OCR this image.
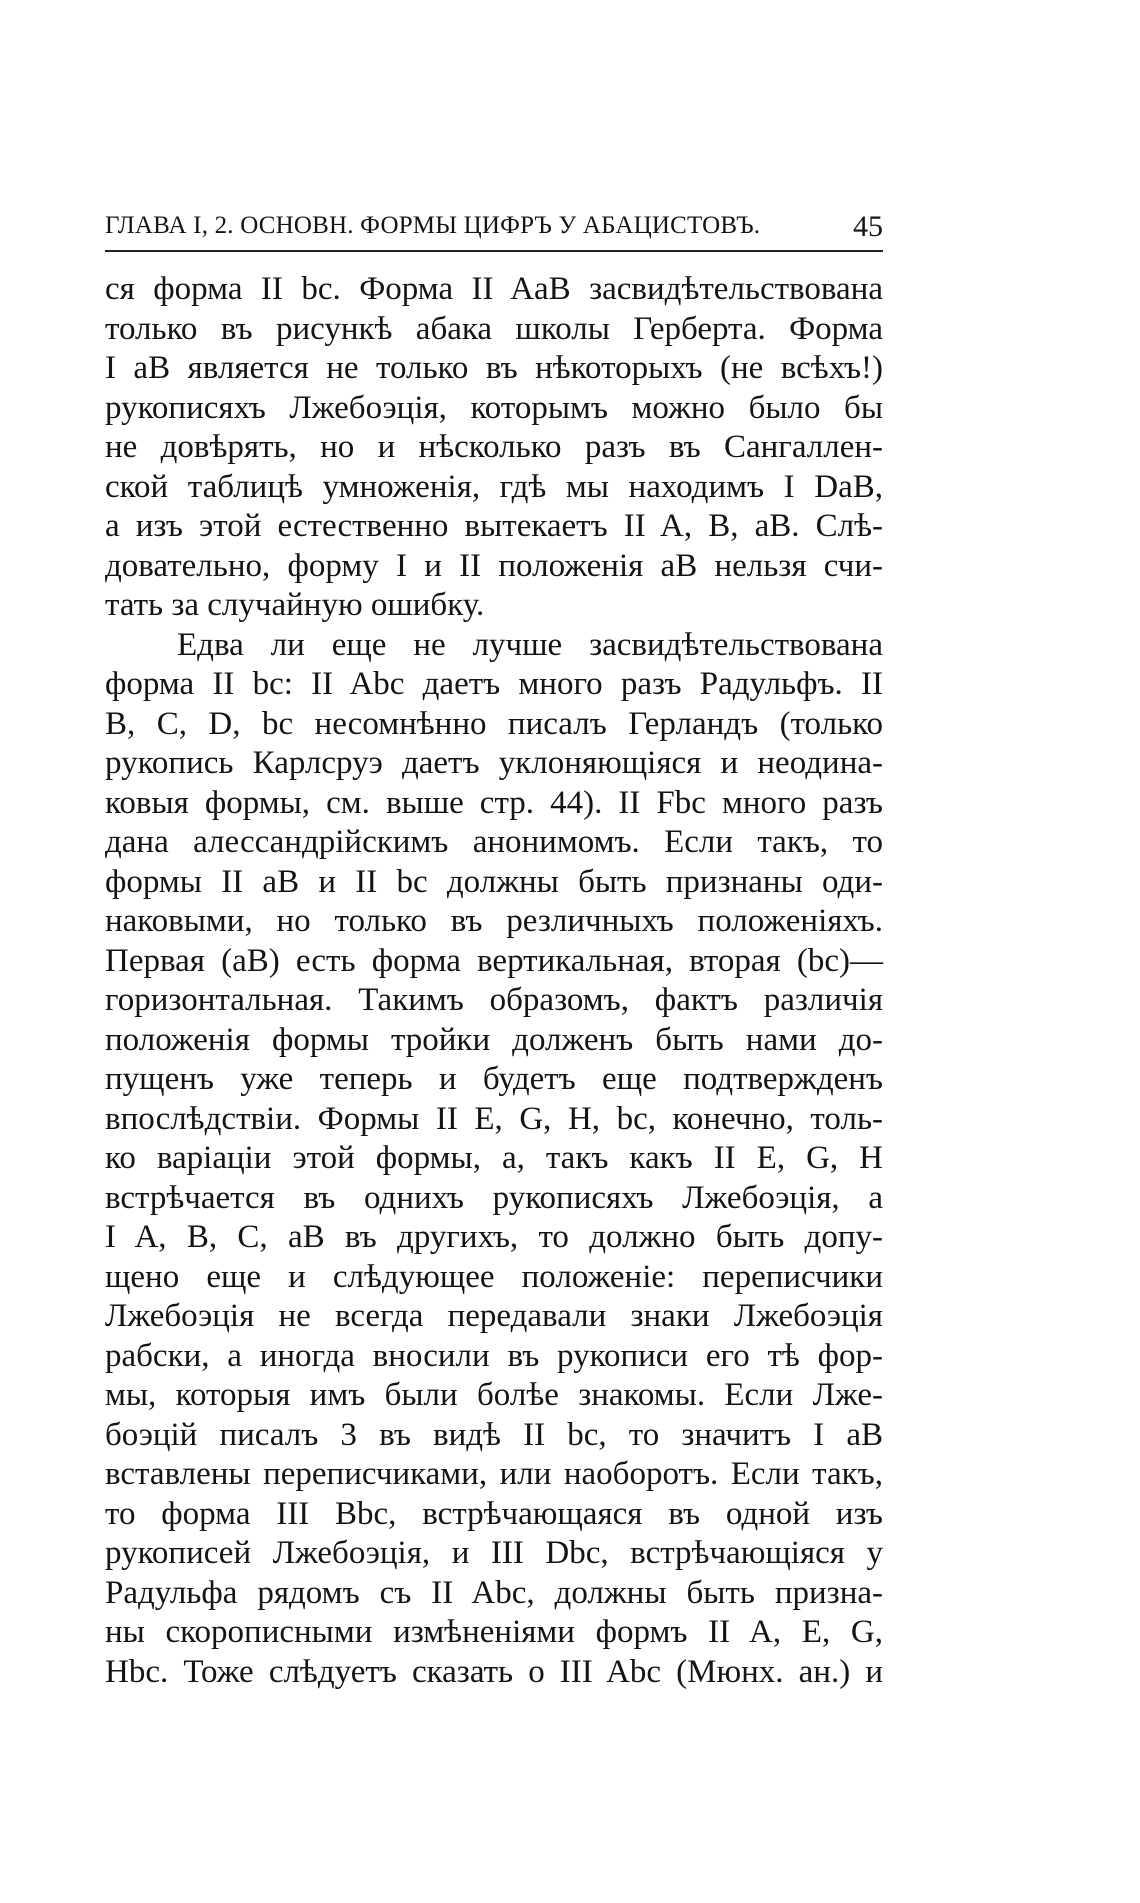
ГЛАВА I, 2. ОСНОВН. ФОРМЫ ЦИФРЪ У АБАЦИСТОВЪ.	45
ся форма II bc. Форма II AaB засвидѣтельствована
только въ рисункѣ абака школы Герберта. Форма
I aB является не только въ нѣкоторыхъ (не всѣхъ!)
рукописяхъ Лжебоэція, которымъ можно было бы
не довѣрять, но и нѣсколько разъ въ Сангаллен-
ской таблицѣ умноженія, гдѣ мы находимъ I DaB,
а изъ этой естественно вытекаетъ II A, B, aB. Слѣ-
довательно, форму I и II положенія aB нельзя счи-
тать за случайную ошибку.
Едва ли еще не лучше засвидѣтельствована
форма II bc: II Abc даетъ много разъ Радульфъ. II
B, C, D, bc несомнѣнно писалъ Герландъ (только
рукопись Карлсруэ даетъ уклоняющіяся и неодина-
ковыя формы, см. выше стр. 44). II Fbc много разъ
дана алессандрійскимъ анонимомъ. Если такъ, то
формы II aB и II bc должны быть признаны оди-
наковыми, но только въ резличныхъ положеніяхъ.
Первая (aB) есть форма вертикальная, вторая (bc)—
горизонтальная. Такимъ образомъ, фактъ различія
положенія формы тройки долженъ быть нами до-
пущенъ уже теперь и будетъ еще подтвержденъ
впослѣдствіи. Формы II E, G, H, bc, конечно, толь-
ко варіаціи этой формы, а, такъ какъ II E, G, H
встрѣчается въ однихъ рукописяхъ Лжебоэція, а
I A, B, C, aB въ другихъ, то должно быть допу-
щено еще и слѣдующее положеніе: переписчики
Лжебоэція не всегда передавали знаки Лжебоэція
рабски, а иногда вносили въ рукописи его тѣ фор-
мы, которыя имъ были болѣе знакомы. Если Лже-
боэцій писалъ 3 въ видѣ II bc, то значитъ I aB
вставлены переписчиками, или наоборотъ. Если такъ,
то форма III Bbc, встрѣчающаяся въ одной изъ
рукописей Лжебоэція, и III Dbc, встрѣчающіяся у
Радульфа рядомъ съ II Abc, должны быть призна-
ны скорописными измѣненіями формъ II A, E, G,
Hbc. Тоже слѣдуетъ сказать о III Abc (Мюнх. ан.) и
